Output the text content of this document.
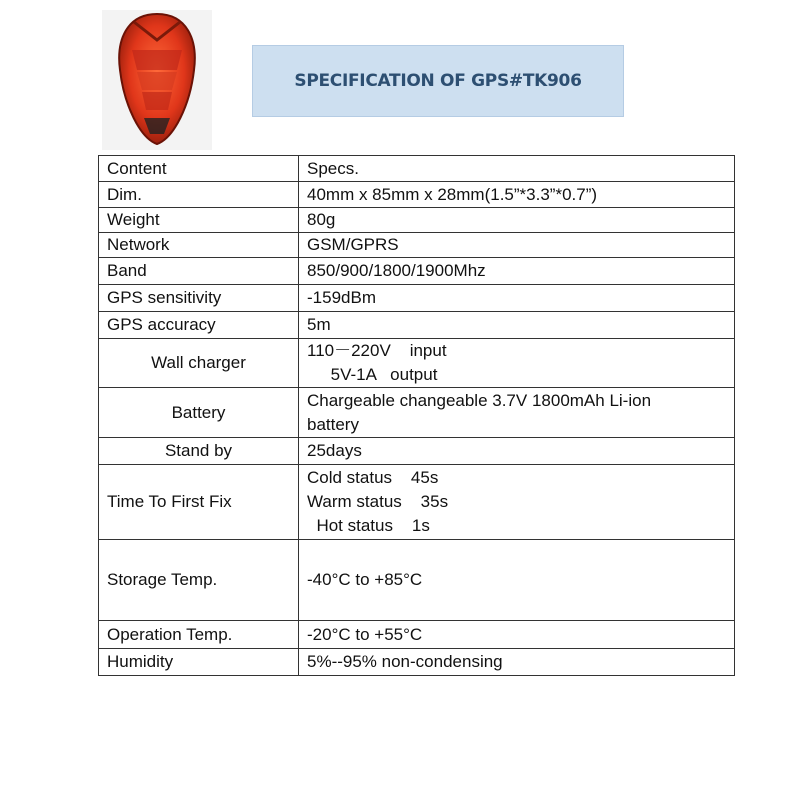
SPECIFICATION OF GPS#TK906
Content	Specs.

Dim.	40mm x 85mm x 28mm(1.5”*3.3”*0.7”)

Weight	80g

Network	GSM/GPRS

Band	850/900/1800/1900Mhz

GPS sensitivity	-159dBm

GPS accuracy	5m

Wall charger	110－220V    input
5V-1A   output

Battery	Chargeable changeable 3.7V 1800mAh Li-ion
battery

Stand by	25days

Time To First Fix	Cold status    45s
Warm status    35s
Hot status    1s

Storage Temp.	-40°C to +85°C

Operation Temp.	-20°C to +55°C

Humidity	5%--95% non-condensing
